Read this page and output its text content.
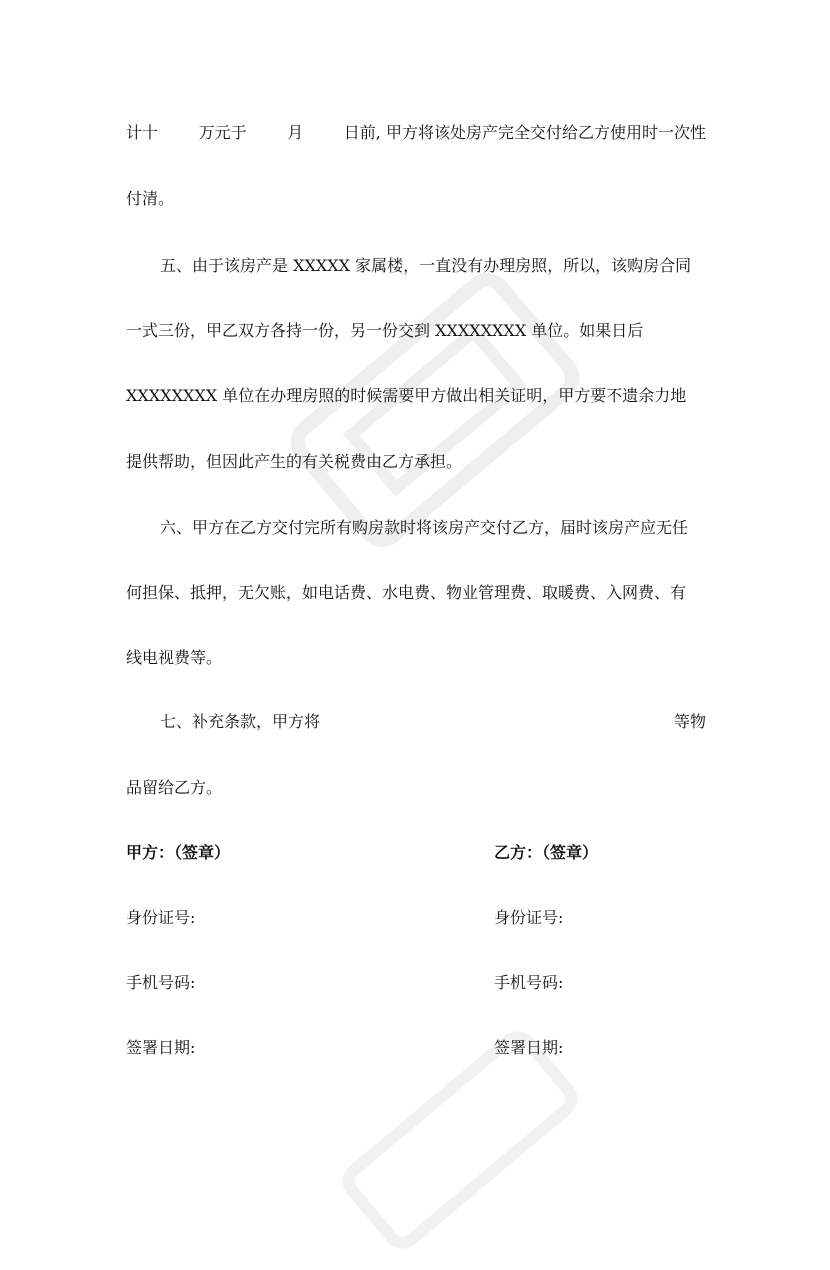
计十	万元于	月	日前, 甲方将该处房产完全交付给乙方使用时一次性
付清。
五、由于该房产是 XXXXX 家属楼，一直没有办理房照，所以，该购房合同
一式三份，甲乙双方各持一份，另一份交到 XXXXXXXX 单位。如果日后
XXXXXXXX 单位在办理房照的时候需要甲方做出相关证明，甲方要不遗余力地
提供帮助，但因此产生的有关税费由乙方承担。
六、甲方在乙方交付完所有购房款时将该房产交付乙方，届时该房产应无任
何担保、抵押，无欠账，如电话费、水电费、物业管理费、取暖费、入网费、有
线电视费等。
七、补充条款，甲方将	等物
品留给乙方。
甲方：（签章）
身份证号:
手机号码:
签署日期:
乙方：（签章）
身份证号:
手机号码:
签署日期:
